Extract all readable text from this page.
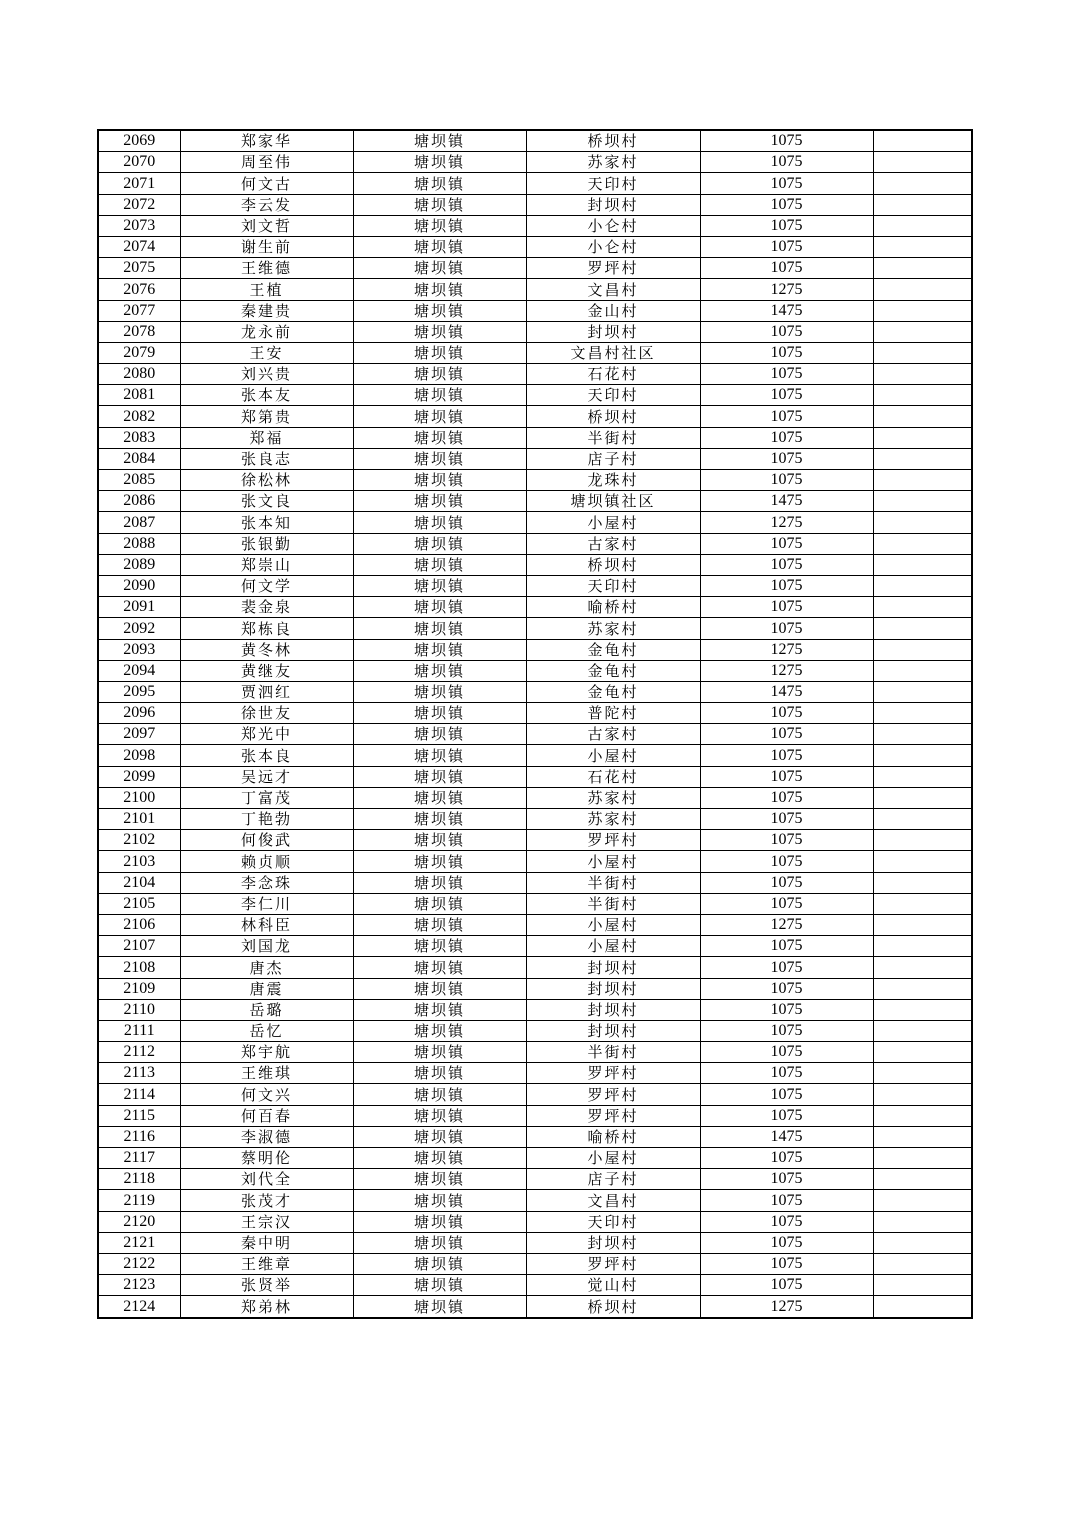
2069	郑家华	塘坝镇	桥坝村	1075	
2070	周至伟	塘坝镇	苏家村	1075	
2071	何文古	塘坝镇	天印村	1075	
2072	李云发	塘坝镇	封坝村	1075	
2073	刘文哲	塘坝镇	小仑村	1075	
2074	谢生前	塘坝镇	小仑村	1075	
2075	王维德	塘坝镇	罗坪村	1075	
2076	王植	塘坝镇	文昌村	1275	
2077	秦建贵	塘坝镇	金山村	1475	
2078	龙永前	塘坝镇	封坝村	1075	
2079	王安	塘坝镇	文昌村社区	1075	
2080	刘兴贵	塘坝镇	石花村	1075	
2081	张本友	塘坝镇	天印村	1075	
2082	郑第贵	塘坝镇	桥坝村	1075	
2083	郑福	塘坝镇	半街村	1075	
2084	张良志	塘坝镇	店子村	1075	
2085	徐松林	塘坝镇	龙珠村	1075	
2086	张文良	塘坝镇	塘坝镇社区	1475	
2087	张本知	塘坝镇	小屋村	1275	
2088	张银勤	塘坝镇	古家村	1075	
2089	郑崇山	塘坝镇	桥坝村	1075	
2090	何文学	塘坝镇	天印村	1075	
2091	裴金泉	塘坝镇	喻桥村	1075	
2092	郑栋良	塘坝镇	苏家村	1075	
2093	黄冬林	塘坝镇	金龟村	1275	
2094	黄继友	塘坝镇	金龟村	1275	
2095	贾泗红	塘坝镇	金龟村	1475	
2096	徐世友	塘坝镇	普陀村	1075	
2097	郑光中	塘坝镇	古家村	1075	
2098	张本良	塘坝镇	小屋村	1075	
2099	吴远才	塘坝镇	石花村	1075	
2100	丁富茂	塘坝镇	苏家村	1075	
2101	丁艳勃	塘坝镇	苏家村	1075	
2102	何俊武	塘坝镇	罗坪村	1075	
2103	赖贞顺	塘坝镇	小屋村	1075	
2104	李念珠	塘坝镇	半街村	1075	
2105	李仁川	塘坝镇	半街村	1075	
2106	林科臣	塘坝镇	小屋村	1275	
2107	刘国龙	塘坝镇	小屋村	1075	
2108	唐杰	塘坝镇	封坝村	1075	
2109	唐震	塘坝镇	封坝村	1075	
2110	岳璐	塘坝镇	封坝村	1075	
2111	岳忆	塘坝镇	封坝村	1075	
2112	郑宇航	塘坝镇	半街村	1075	
2113	王维琪	塘坝镇	罗坪村	1075	
2114	何文兴	塘坝镇	罗坪村	1075	
2115	何百春	塘坝镇	罗坪村	1075	
2116	李淑德	塘坝镇	喻桥村	1475	
2117	蔡明伦	塘坝镇	小屋村	1075	
2118	刘代全	塘坝镇	店子村	1075	
2119	张茂才	塘坝镇	文昌村	1075	
2120	王宗汉	塘坝镇	天印村	1075	
2121	秦中明	塘坝镇	封坝村	1075	
2122	王维章	塘坝镇	罗坪村	1075	
2123	张贤举	塘坝镇	觉山村	1075	
2124	郑弟林	塘坝镇	桥坝村	1275	
